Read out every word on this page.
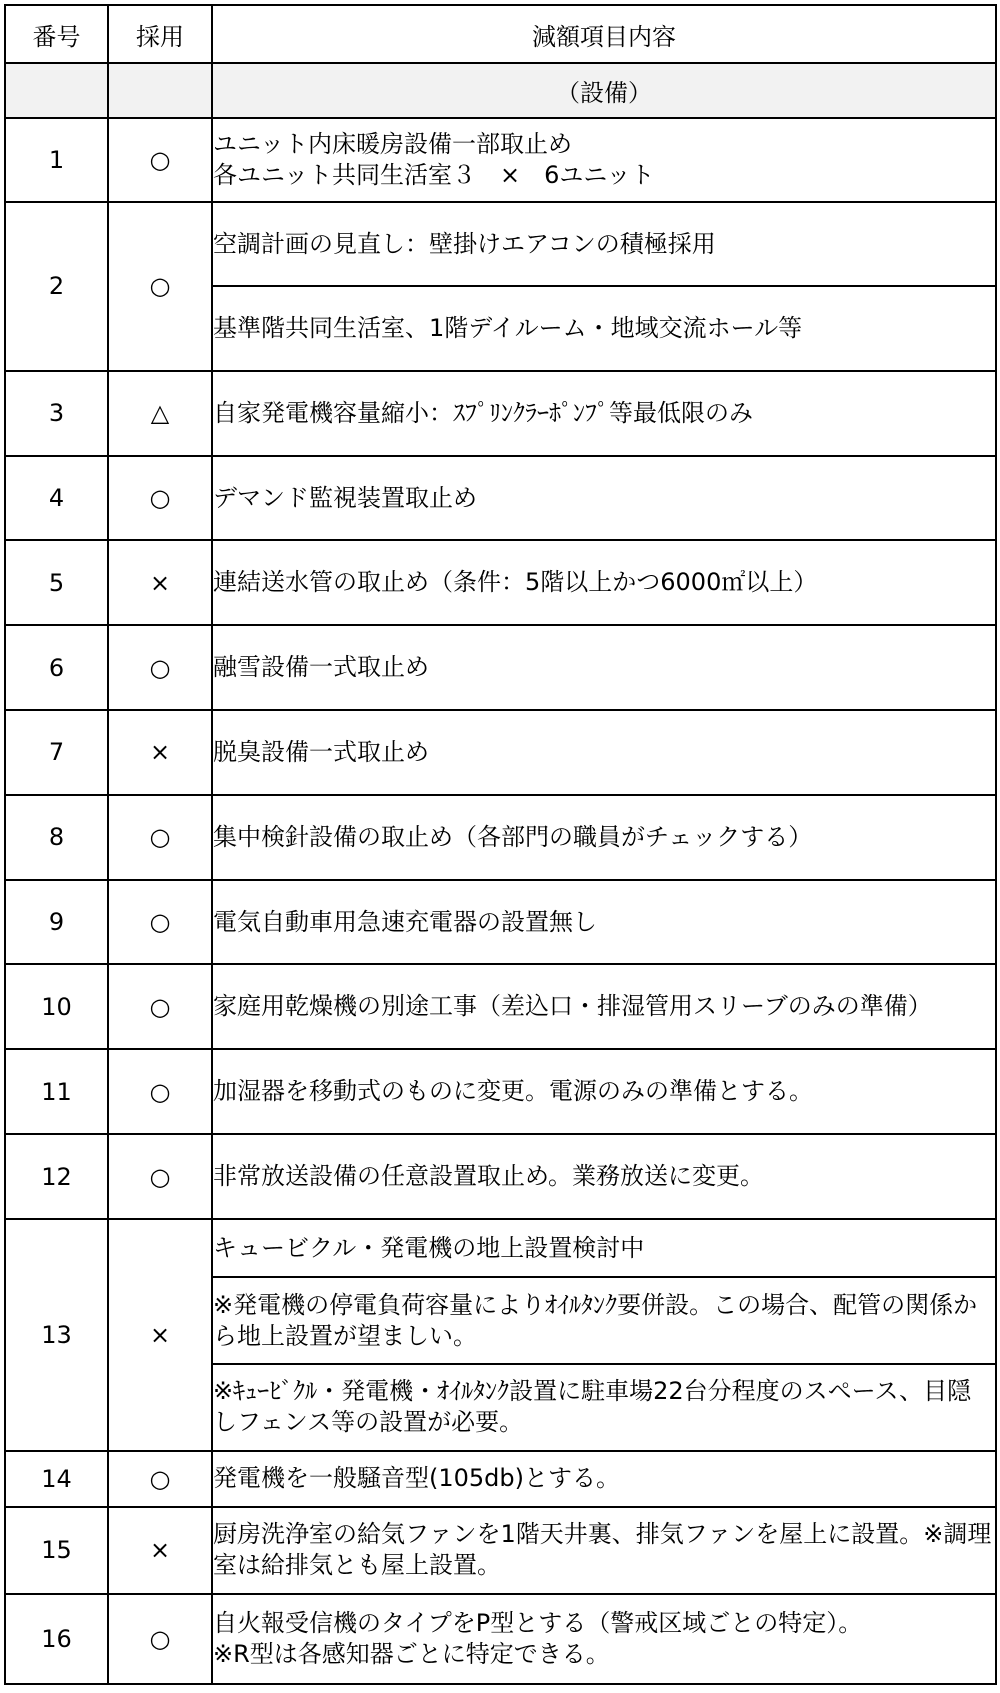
番号	採用	減額項目内容
		（設備）
1	○	ユニット内床暖房設備一部取止め
各ユニット共同生活室３　×　6ユニット

2	○	空調計画の見直し：壁掛けエアコンの積極採用
		基準階共同生活室、1階デイルーム・地域交流ホール等
3	△	自家発電機容量縮小：ｽﾌﾟﾘﾝｸﾗｰﾎﾟﾝﾌﾟ等最低限のみ
4	○	デマンド監視装置取止め
5	×	連結送水管の取止め（条件：5階以上かつ6000㎡以上）
6	○	融雪設備一式取止め
7	×	脱臭設備一式取止め
8	○	集中検針設備の取止め（各部門の職員がチェックする）
9	○	電気自動車用急速充電器の設置無し
10	○	家庭用乾燥機の別途工事（差込口・排湿管用スリーブのみの準備）
11	○	加湿器を移動式のものに変更。電源のみの準備とする。
12	○	非常放送設備の任意設置取止め。業務放送に変更。
13	×	キュービクル・発電機の地上設置検討中
		※発電機の停電負荷容量によりｵｲﾙﾀﾝｸ要併設。この場合、配管の関係から地上設置が望ましい。
		※ｷｭｰﾋﾞｸﾙ・発電機・ｵｲﾙﾀﾝｸ設置に駐車場22台分程度のスペース、目隠しフェンス等の設置が必要。
14	○	発電機を一般騒音型(105db)とする。
15	×	厨房洗浄室の給気ファンを1階天井裏、排気ファンを屋上に設置。※調理室は給排気とも屋上設置。
16	○	自火報受信機のタイプをP型とする（警戒区域ごとの特定）。
※R型は各感知器ごとに特定できる。
